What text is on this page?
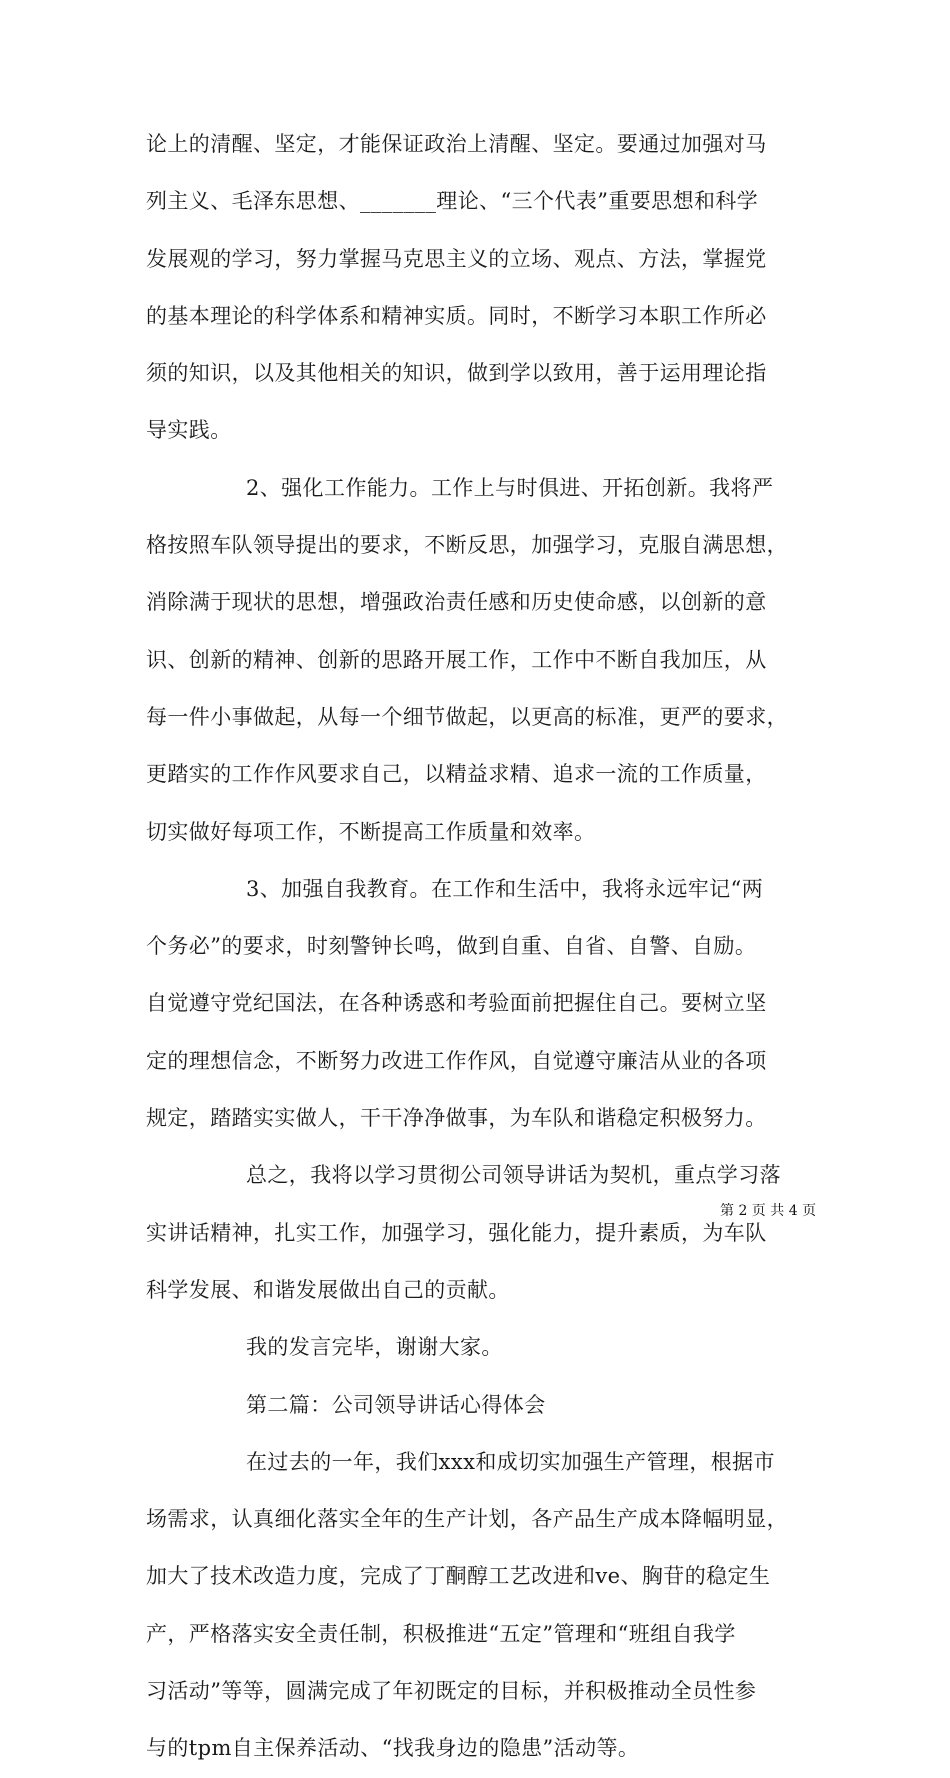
论上的清醒、坚定，才能保证政治上清醒、坚定。要通过加强对马
列主义、毛泽东思想、_______理论、“三个代表”重要思想和科学
发展观的学习，努力掌握马克思主义的立场、观点、方法，掌握党
的基本理论的科学体系和精神实质。同时，不断学习本职工作所必
须的知识，以及其他相关的知识，做到学以致用，善于运用理论指
导实践。
2、强化工作能力。工作上与时俱进、开拓创新。我将严
格按照车队领导提出的要求，不断反思，加强学习，克服自满思想，
消除满于现状的思想，增强政治责任感和历史使命感，以创新的意
识、创新的精神、创新的思路开展工作，工作中不断自我加压，从
每一件小事做起，从每一个细节做起，以更高的标准，更严的要求，
更踏实的工作作风要求自己，以精益求精、追求一流的工作质量，
切实做好每项工作，不断提高工作质量和效率。
3、加强自我教育。在工作和生活中，我将永远牢记“两
个务必”的要求，时刻警钟长鸣，做到自重、自省、自警、自励。
自觉遵守党纪国法，在各种诱惑和考验面前把握住自己。要树立坚
定的理想信念，不断努力改进工作作风，自觉遵守廉洁从业的各项
规定，踏踏实实做人，干干净净做事，为车队和谐稳定积极努力。
总之，我将以学习贯彻公司领导讲话为契机，重点学习落
实讲话精神，扎实工作，加强学习，强化能力，提升素质，为车队
科学发展、和谐发展做出自己的贡献。
我的发言完毕，谢谢大家。
第二篇：公司领导讲话心得体会
在过去的一年，我们xxx和成切实加强生产管理，根据市
场需求，认真细化落实全年的生产计划，各产品生产成本降幅明显，
加大了技术改造力度，完成了丁酮醇工艺改进和ve、胸苷的稳定生
产，严格落实安全责任制，积极推进“五定”管理和“班组自我学
习活动”等等，圆满完成了年初既定的目标，并积极推动全员性参
与的tpm自主保养活动、“找我身边的隐患”活动等。
第 2 页 共 4 页
